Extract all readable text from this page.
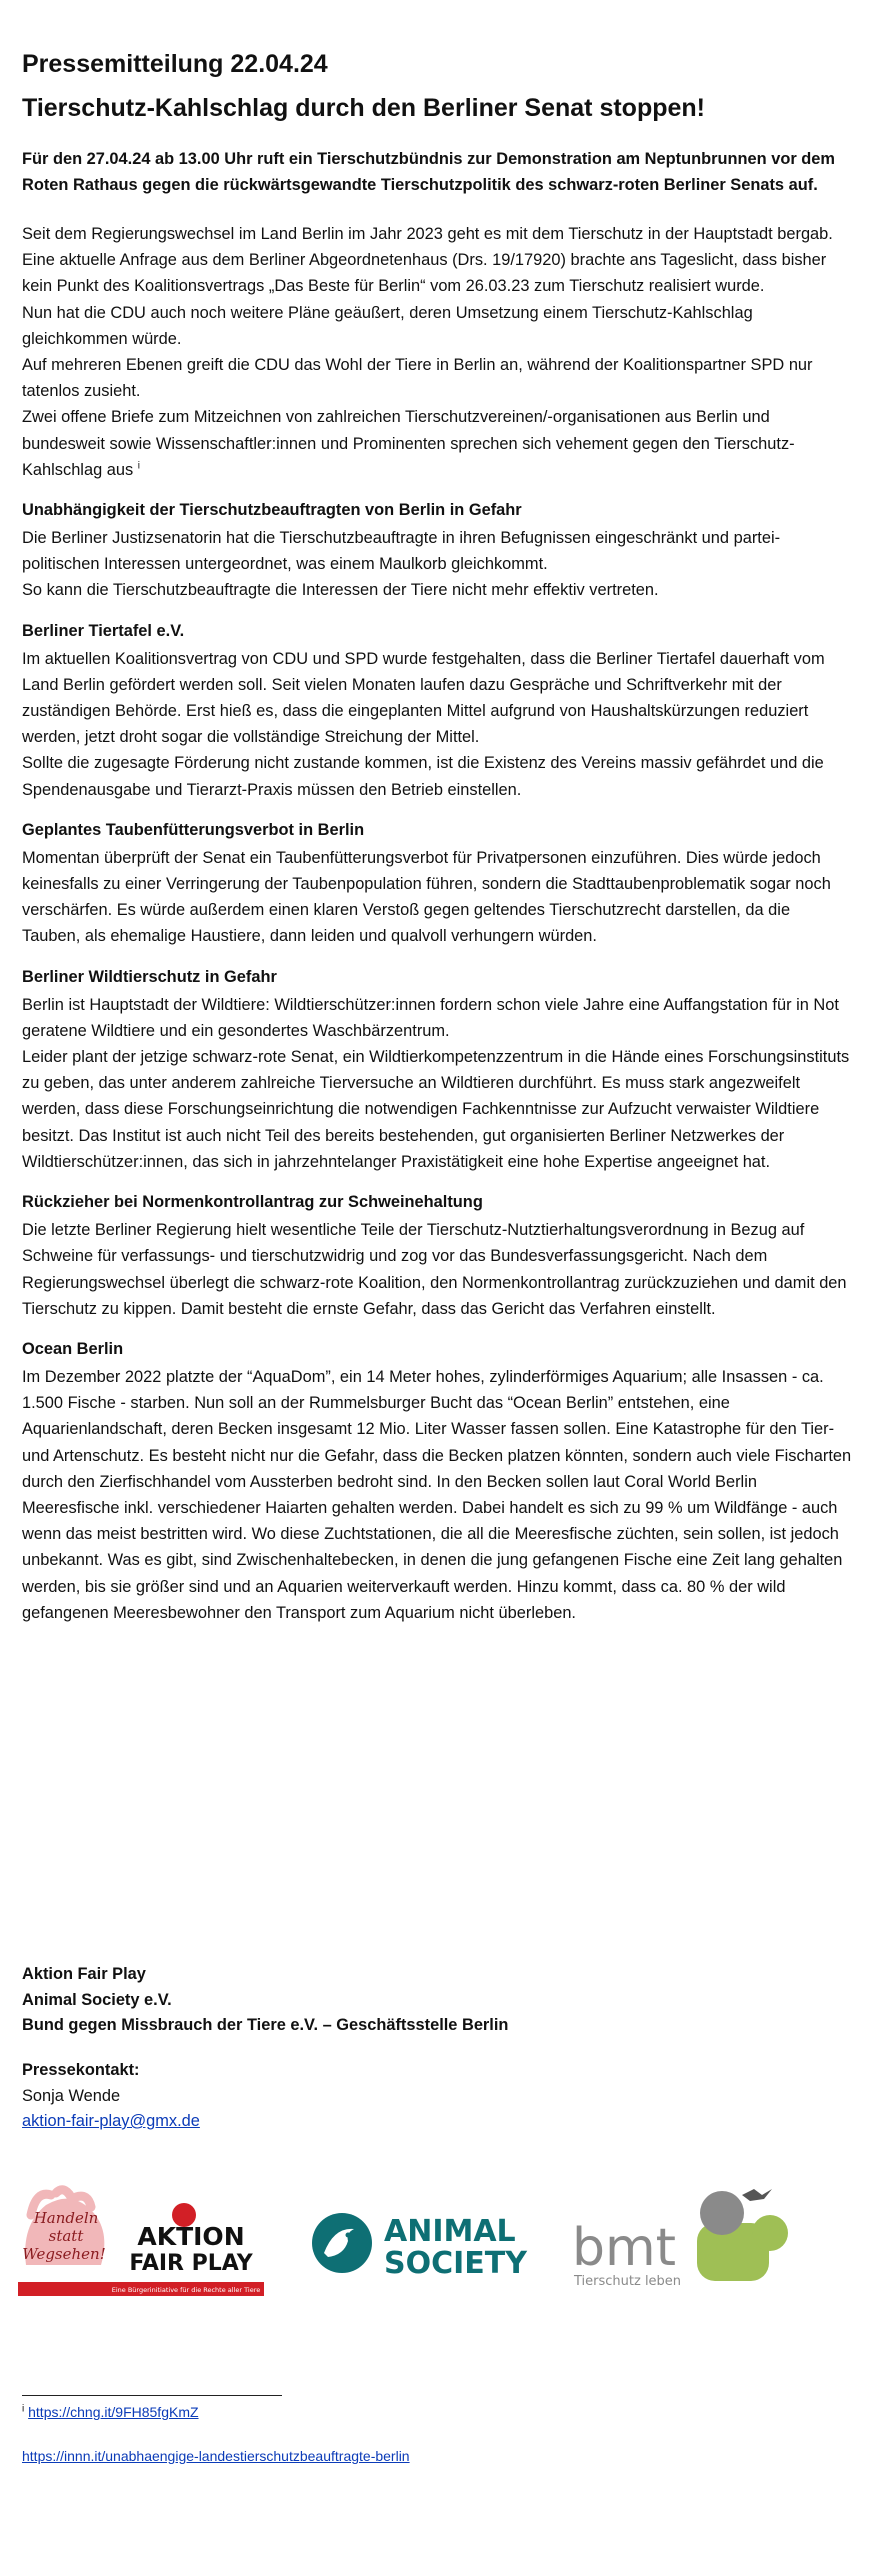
Pressemitteilung 22.04.24
Tierschutz-Kahlschlag durch den Berliner Senat stoppen!
Für den 27.04.24 ab 13.00 Uhr ruft ein Tierschutzbündnis zur Demonstration am Neptunbrunnen vor dem Roten Rathaus gegen die rückwärtsgewandte Tierschutzpolitik des schwarz-roten Berliner Senats auf.

Seit dem Regierungswechsel im Land Berlin im Jahr 2023 geht es mit dem Tierschutz in der Hauptstadt bergab.

Eine aktuelle Anfrage aus dem Berliner Abgeordnetenhaus (Drs. 19/17920) brachte ans Tageslicht, dass bisher kein Punkt des Koalitionsvertrags „Das Beste für Berlin“ vom 26.03.23 zum Tierschutz realisiert wurde.

Nun hat die CDU auch noch weitere Pläne geäußert, deren Umsetzung einem Tierschutz-Kahlschlag gleichkommen würde.

Auf mehreren Ebenen greift die CDU das Wohl der Tiere in Berlin an, während der Koalitionspartner SPD nur tatenlos zusieht.

Zwei offene Briefe zum Mitzeichnen von zahlreichen Tierschutzvereinen/-organisationen aus Berlin und bundesweit sowie Wissenschaftler:innen und Prominenten sprechen sich vehement gegen den Tierschutz-Kahlschlag aus $^i$

Unabhängigkeit der Tierschutzbeauftragten von Berlin in Gefahr

Die Berliner Justizsenatorin hat die Tierschutzbeauftragte in ihren Befugnissen eingeschränkt und partei-politischen Interessen untergeordnet, was einem Maulkorb gleichkommt.

So kann die Tierschutzbeauftragte die Interessen der Tiere nicht mehr effektiv vertreten.

Berliner Tiertafel e.V.

Im aktuellen Koalitionsvertrag von CDU und SPD wurde festgehalten, dass die Berliner Tiertafel dauerhaft vom Land Berlin gefördert werden soll. Seit vielen Monaten laufen dazu Gespräche und Schriftverkehr mit der zuständigen Behörde. Erst hieß es, dass die eingeplanten Mittel aufgrund von Haushaltskürzungen reduziert werden, jetzt droht sogar die vollständige Streichung der Mittel.

Sollte die zugesagte Förderung nicht zustande kommen, ist die Existenz des Vereins massiv gefährdet und die Spendenausgabe und Tierarzt-Praxis müssen den Betrieb einstellen.

Geplantes Taubenfütterungsverbot in Berlin

Momentan überprüft der Senat ein Taubenfütterungsverbot für Privatpersonen einzuführen. Dies würde jedoch keinesfalls zu einer Verringerung der Taubenpopulation führen, sondern die Stadttaubenproblematik sogar noch verschärfen. Es würde außerdem einen klaren Verstoß gegen geltendes Tierschutzrecht darstellen, da die Tauben, als ehemalige Haustiere, dann leiden und qualvoll verhungern würden.

Berliner Wildtierschutz in Gefahr

Berlin ist Hauptstadt der Wildtiere: Wildtierschützer:innen fordern schon viele Jahre eine Auffangstation für in Not geratene Wildtiere und ein gesondertes Waschbärzentrum.

Leider plant der jetzige schwarz-rote Senat, ein Wildtierkompetenzzentrum in die Hände eines Forschungsinstituts zu geben, das unter anderem zahlreiche Tierversuche an Wildtieren durchführt. Es muss stark angezweifelt werden, dass diese Forschungseinrichtung die notwendigen Fachkenntnisse zur Aufzucht verwaister Wildtiere besitzt. Das Institut ist auch nicht Teil des bereits bestehenden, gut organisierten Berliner Netzwerkes der Wildtierschützer:innen, das sich in jahrzehntelanger Praxistätigkeit eine hohe Expertise angeeignet hat.

Rückzieher bei Normenkontrollantrag zur Schweinehaltung

Die letzte Berliner Regierung hielt wesentliche Teile der Tierschutz-Nutztierhaltungsverordnung in Bezug auf Schweine für verfassungs- und tierschutzwidrig und zog vor das Bundesverfassungsgericht. Nach dem Regierungswechsel überlegt die schwarz-rote Koalition, den Normenkontrollantrag zurückzuziehen und damit den Tierschutz zu kippen. Damit besteht die ernste Gefahr, dass das Gericht das Verfahren einstellt.

Ocean Berlin

Im Dezember 2022 platzte der “AquaDom”, ein 14 Meter hohes, zylinderförmiges Aquarium; alle Insassen - ca. 1.500 Fische - starben. Nun soll an der Rummelsburger Bucht das “Ocean Berlin” entstehen, eine Aquarienlandschaft, deren Becken insgesamt 12 Mio. Liter Wasser fassen sollen. Eine Katastrophe für den Tier- und Artenschutz. Es besteht nicht nur die Gefahr, dass die Becken platzen könnten, sondern auch viele Fischarten durch den Zierfischhandel vom Aussterben bedroht sind. In den Becken sollen laut Coral World Berlin Meeresfische inkl. verschiedener Haiarten gehalten werden. Dabei handelt es sich zu 99 % um Wildfänge - auch wenn das meist bestritten wird. Wo diese Zuchtstationen, die all die Meeresfische züchten, sein sollen, ist jedoch unbekannt. Was es gibt, sind Zwischenhaltebecken, in denen die jung gefangenen Fische eine Zeit lang gehalten werden, bis sie größer sind und an Aquarien weiterverkauft werden. Hinzu kommt, dass ca. 80 % der wild gefangenen Meeresbewohner den Transport zum Aquarium nicht überleben.

Aktion Fair Play
Animal Society e.V.
Bund gegen Missbrauch der Tiere e.V. – Geschäftsstelle Berlin
Pressekontakt:
Sonja Wende
aktion-fair-play@gmx.de
Handeln
statt
Wegsehen!
AKTION
FAIR PLAY
Eine Bürgerinitiative für die Rechte aller Tiere
ANIMAL
SOCIETY bmt
Tierschutz leben
$^i$ https://chng.it/9FH85fgKmZ
https://innn.it/unabhaengige-landestierschutzbeauftragte-berlin
